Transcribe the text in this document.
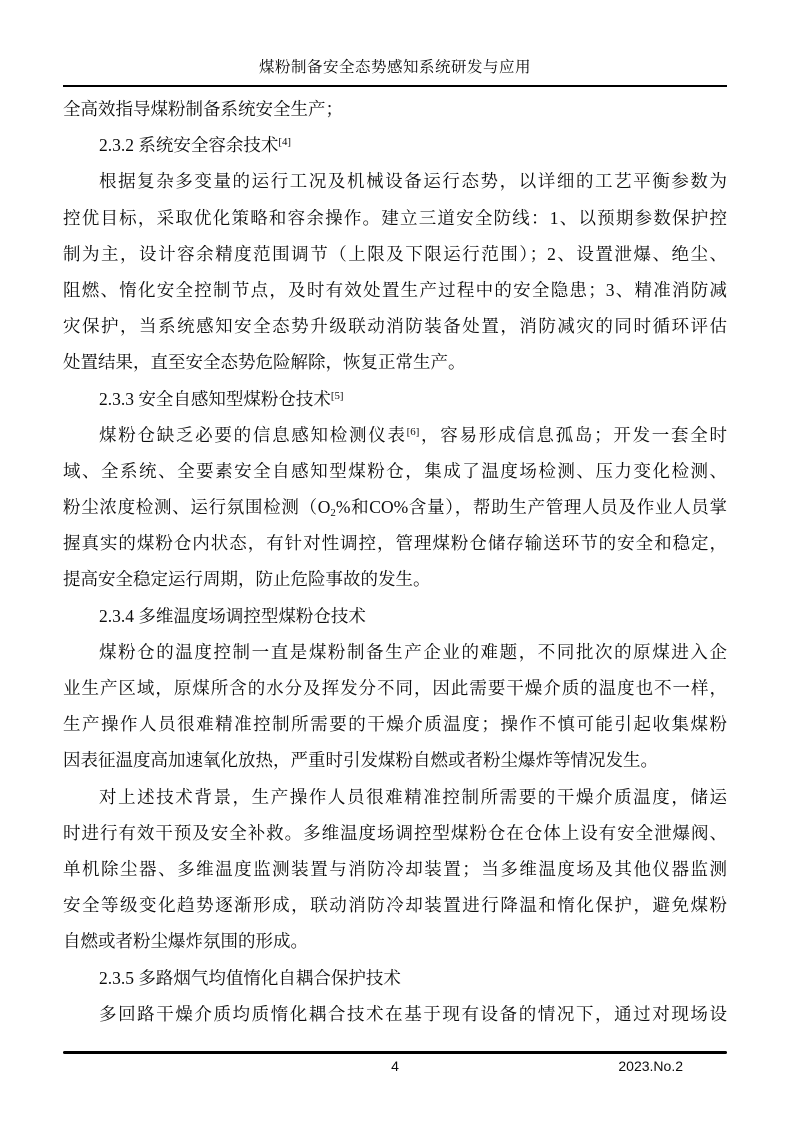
煤粉制备安全态势感知系统研发与应用
全高效指导煤粉制备系统安全生产；
2.3.2 系统安全容余技术[4]
根据复杂多变量的运行工况及机械设备运行态势，以详细的工艺平衡参数为
控优目标，采取优化策略和容余操作。建立三道安全防线：1、以预期参数保护控
制为主，设计容余精度范围调节（上限及下限运行范围）；2、设置泄爆、绝尘、
阻燃、惰化安全控制节点，及时有效处置生产过程中的安全隐患；3、精准消防减
灾保护，当系统感知安全态势升级联动消防装备处置，消防减灾的同时循环评估
处置结果，直至安全态势危险解除，恢复正常生产。
2.3.3 安全自感知型煤粉仓技术[5]
煤粉仓缺乏必要的信息感知检测仪表[6]，容易形成信息孤岛；开发一套全时
域、全系统、全要素安全自感知型煤粉仓，集成了温度场检测、压力变化检测、
粉尘浓度检测、运行氛围检测（O2%和CO%含量），帮助生产管理人员及作业人员掌
握真实的煤粉仓内状态，有针对性调控，管理煤粉仓储存输送环节的安全和稳定，
提高安全稳定运行周期，防止危险事故的发生。
2.3.4 多维温度场调控型煤粉仓技术
煤粉仓的温度控制一直是煤粉制备生产企业的难题，不同批次的原煤进入企
业生产区域，原煤所含的水分及挥发分不同，因此需要干燥介质的温度也不一样，
生产操作人员很难精准控制所需要的干燥介质温度；操作不慎可能引起收集煤粉
因表征温度高加速氧化放热，严重时引发煤粉自燃或者粉尘爆炸等情况发生。
对上述技术背景，生产操作人员很难精准控制所需要的干燥介质温度，储运
时进行有效干预及安全补救。多维温度场调控型煤粉仓在仓体上设有安全泄爆阀、
单机除尘器、多维温度监测装置与消防冷却装置；当多维温度场及其他仪器监测
安全等级变化趋势逐渐形成，联动消防冷却装置进行降温和惰化保护，避免煤粉
自燃或者粉尘爆炸氛围的形成。
2.3.5 多路烟气均值惰化自耦合保护技术
多回路干燥介质均质惰化耦合技术在基于现有设备的情况下，通过对现场设
4	2023.No.2
